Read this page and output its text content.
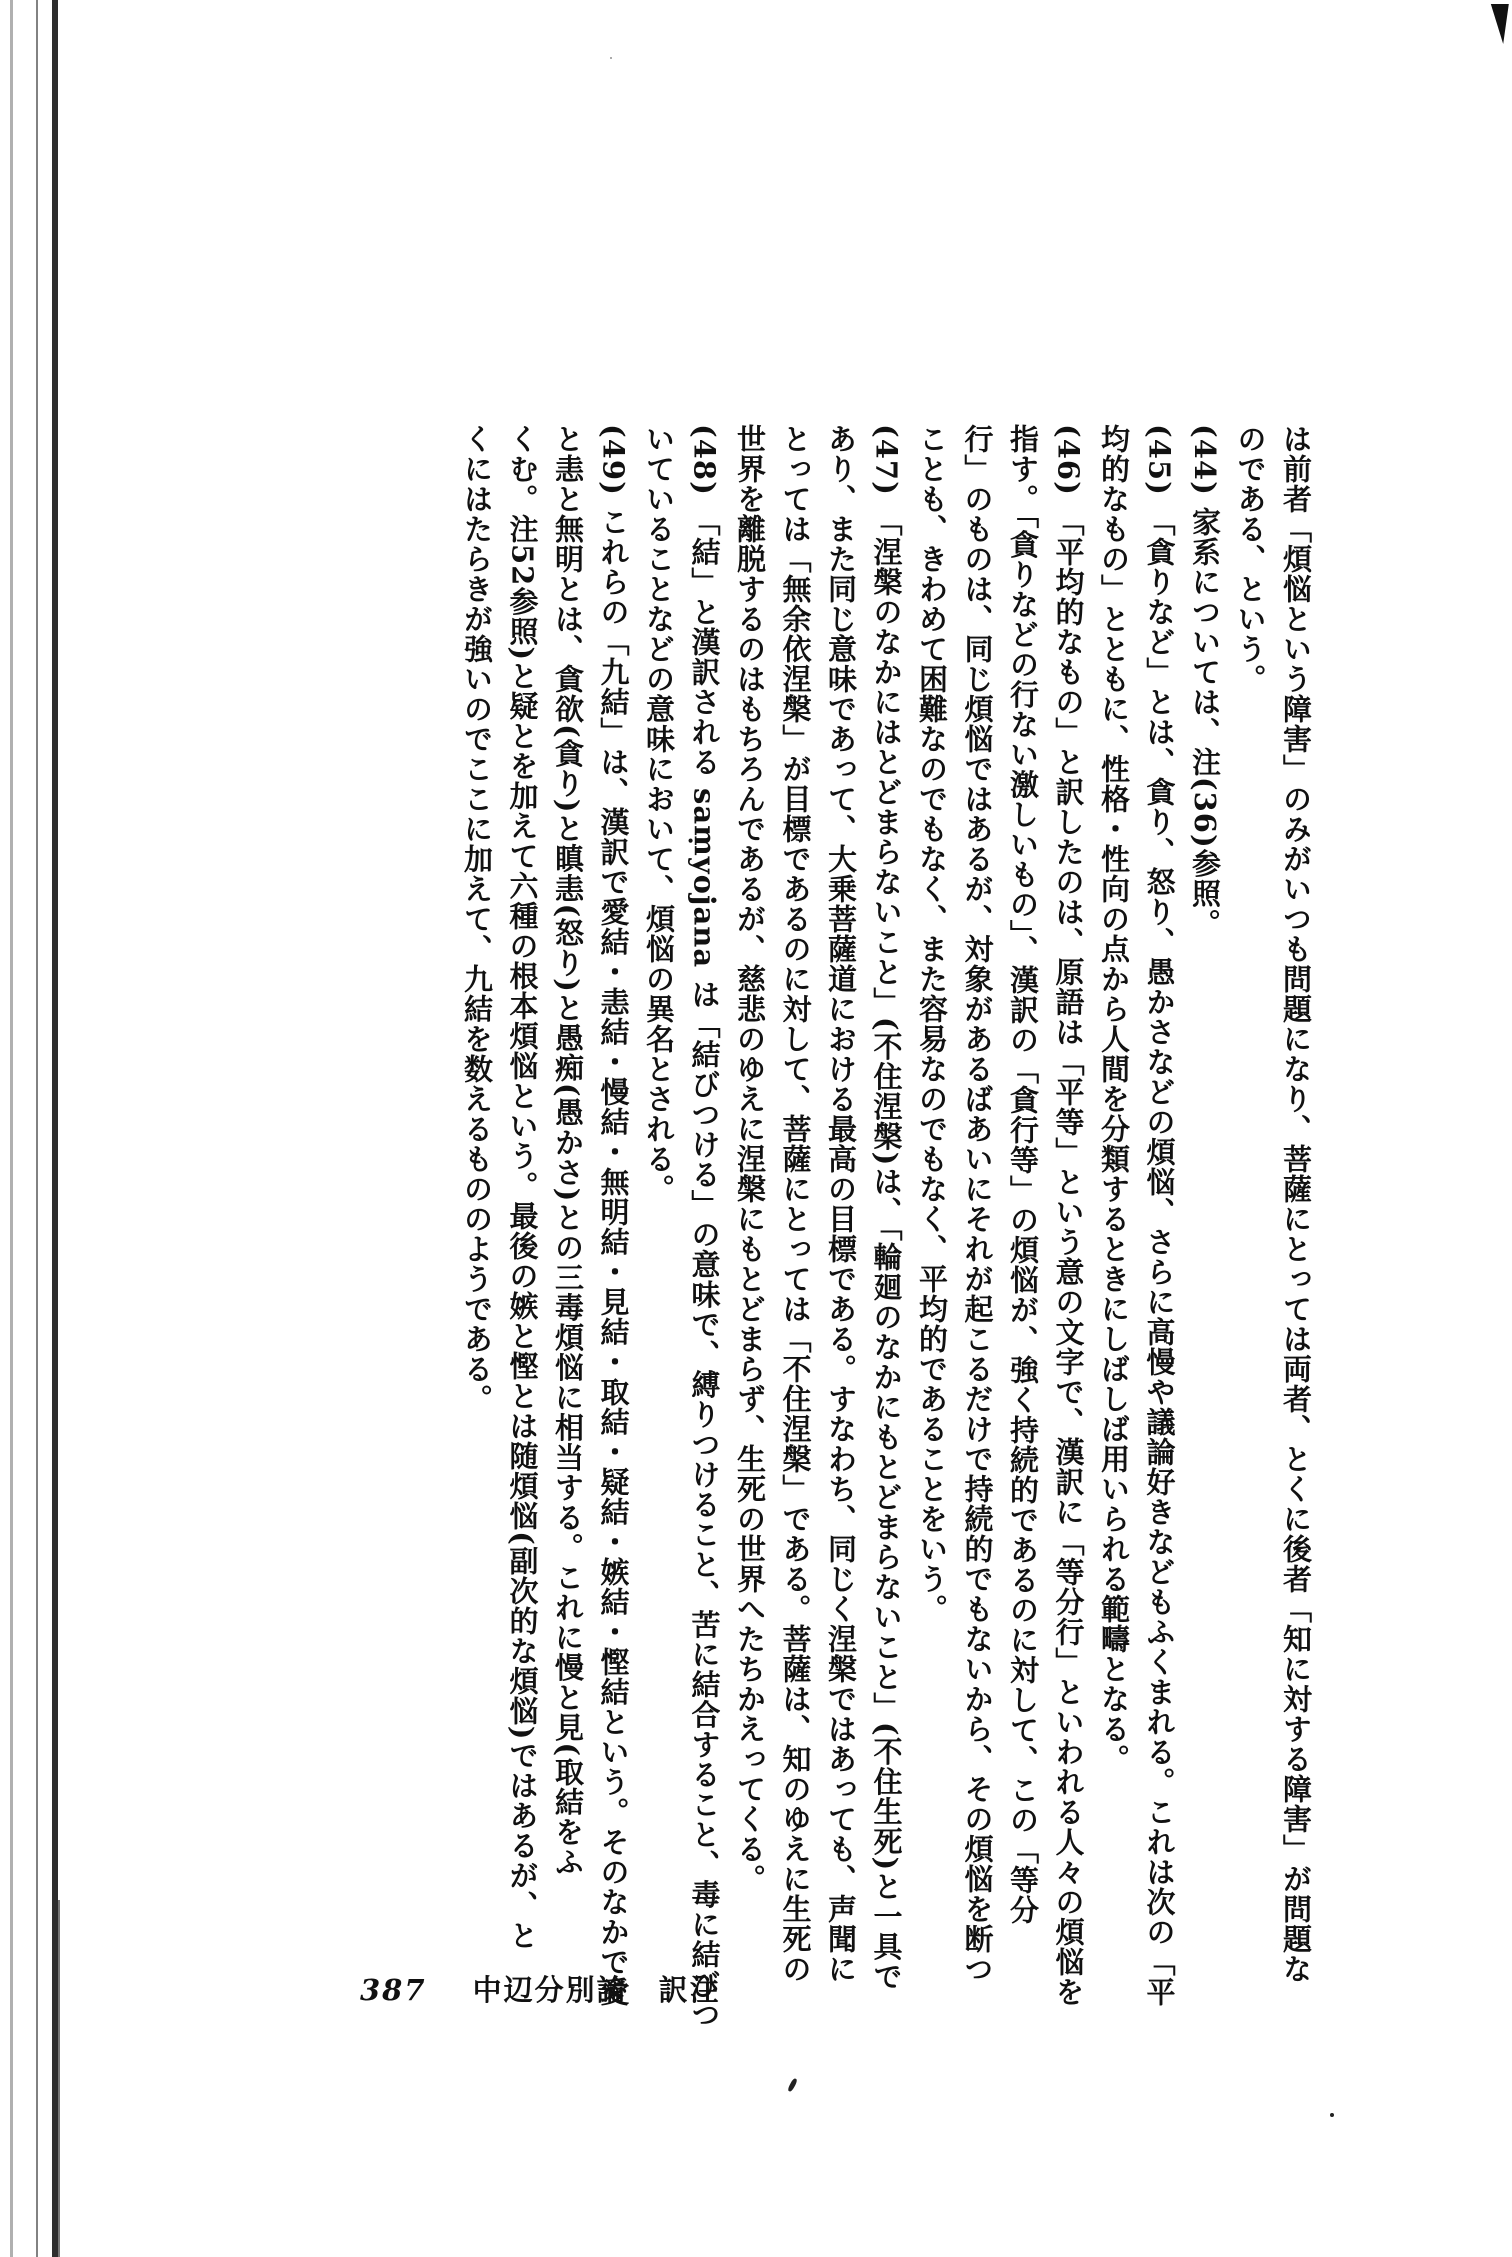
は前者「煩悩という障害」のみがいつも問題になり、菩薩にとっては両者、とくに後者「知に対する障害」が問題な
のである、という。
(44) 家系については、注(36)参照。
(45) 「貪りなど」とは、貪り、怒り、愚かさなどの煩悩、さらに高慢や議論好きなどもふくまれる。これは次の「平
均的なもの」とともに、性格・性向の点から人間を分類するときにしばしば用いられる範疇となる。
(46) 「平均的なもの」と訳したのは、原語は「平等」という意の文字で、漢訳に「等分行」といわれる人々の煩悩を
指す。「貪りなどの行ない激しいもの」、漢訳の「貪行等」の煩悩が、強く持続的であるのに対して、この「等分
行」のものは、同じ煩悩ではあるが、対象があるばあいにそれが起こるだけで持続的でもないから、その煩悩を断つ
ことも、きわめて困難なのでもなく、また容易なのでもなく、平均的であることをいう。
(47) 「涅槃のなかにはとどまらないこと」(不住涅槃)は、「輪廻のなかにもとどまらないこと」(不住生死)と一具で
あり、また同じ意味であって、大乗菩薩道における最高の目標である。すなわち、同じく涅槃ではあっても、声聞に
とっては「無余依涅槃」が目標であるのに対して、菩薩にとっては「不住涅槃」である。菩薩は、知のゆえに生死の
世界を離脱するのはもちろんであるが、慈悲のゆえに涅槃にもとどまらず、生死の世界へたちかえってくる。
(48) 「結」と漢訳される saṃyojana は「結びつける」の意味で、縛りつけること、苦に結合すること、毒に結びつ
いていることなどの意味において、煩悩の異名とされる。
(49) これらの「九結」は、漢訳で愛結・恚結・慢結・無明結・見結・取結・疑結・嫉結・慳結という。そのなかで愛
と恚と無明とは、貪欲(貪り)と瞋恚(怒り)と愚痴(愚かさ)との三毒煩悩に相当する。これに慢と見(取結をふ
くむ。注52参照)と疑とを加えて六種の根本煩悩という。最後の嫉と慳とは随煩悩(副次的な煩悩)ではあるが、と
くにはたらきが強いのでここに加えて、九結を数えるもののようである。
387 中辺分別論　訳注
